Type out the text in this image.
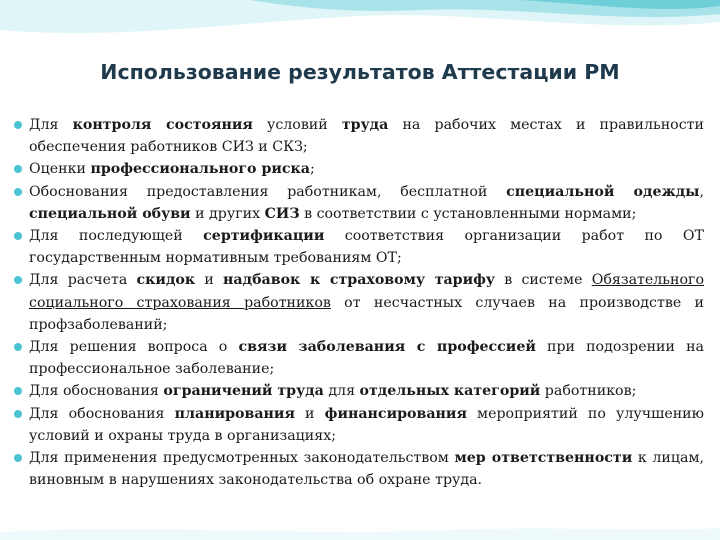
Использование результатов Аттестации РМ
Для контроля состояния условий труда на рабочих местах и правильности обеспечения работников СИЗ и СКЗ;
Оценки профессионального риска;
Обоснования предоставления работникам, бесплатной специальной одежды, специальной обуви и других СИЗ в соответствии с установленными нормами;
Для последующей сертификации соответствия организации работ по ОТ государственным нормативным требованиям ОТ;
Для расчета скидок и надбавок к страховому тарифу в системе Обязательного социального страхования работников от несчастных случаев на производстве и профзаболеваний;
Для решения вопроса о связи заболевания с профессией при подозрении на профессиональное заболевание;
Для обоснования ограничений труда для отдельных категорий работников;
Для обоснования планирования и финансирования мероприятий по улучшению условий и охраны труда в организациях;
Для применения предусмотренных законодательством мер ответственности к лицам, виновным в нарушениях законодательства об охране труда.
